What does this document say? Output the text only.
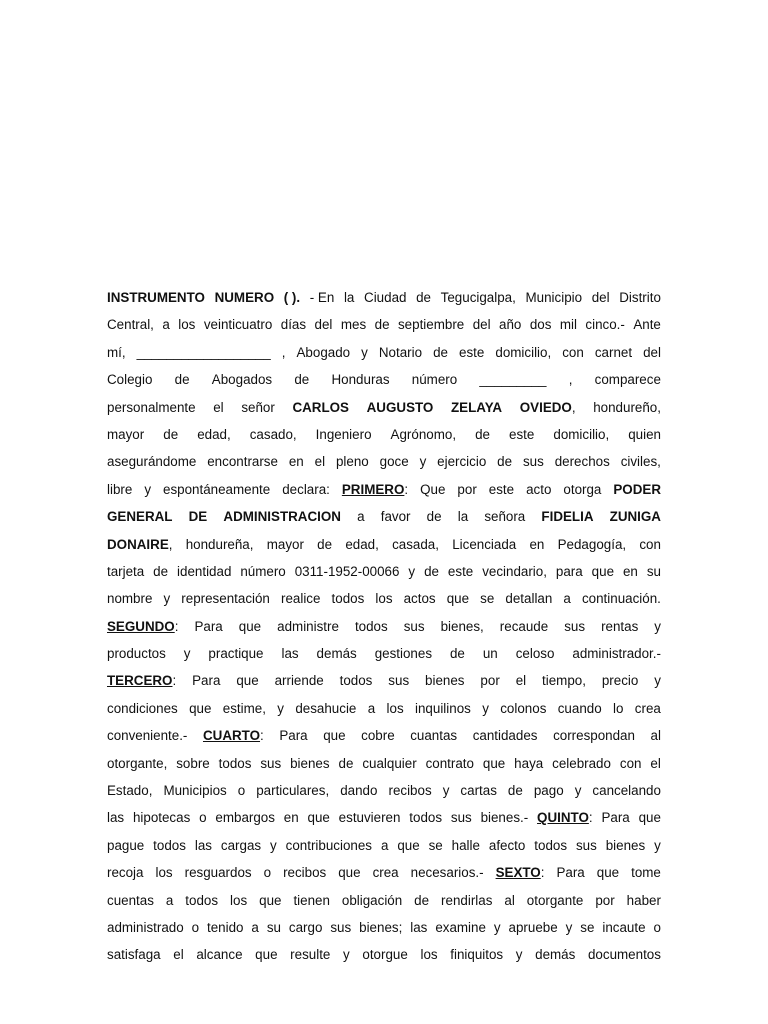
INSTRUMENTO NUMERO ( ). - En la Ciudad de Tegucigalpa, Municipio del Distrito
Central, a los veinticuatro días del mes de septiembre del año dos mil cinco.- Ante
mí, __________________ , Abogado y Notario de este domicilio, con carnet del
Colegio de Abogados de Honduras número _________ , comparece
personalmente el señor CARLOS AUGUSTO ZELAYA OVIEDO, hondureño,
mayor de edad, casado, Ingeniero Agrónomo, de este domicilio, quien
asegurándome encontrarse en el pleno goce y ejercicio de sus derechos civiles,
libre y espontáneamente declara: PRIMERO: Que por este acto otorga PODER
GENERAL DE ADMINISTRACION a favor de la señora FIDELIA ZUNIGA
DONAIRE, hondureña, mayor de edad, casada, Licenciada en Pedagogía, con
tarjeta de identidad número 0311-1952-00066 y de este vecindario, para que en su
nombre y representación realice todos los actos que se detallan a continuación.
SEGUNDO: Para que administre todos sus bienes, recaude sus rentas y
productos y practique las demás gestiones de un celoso administrador.-
TERCERO: Para que arriende todos sus bienes por el tiempo, precio y
condiciones que estime, y desahucie a los inquilinos y colonos cuando lo crea
conveniente.- CUARTO: Para que cobre cuantas cantidades correspondan al
otorgante, sobre todos sus bienes de cualquier contrato que haya celebrado con el
Estado, Municipios o particulares, dando recibos y cartas de pago y cancelando
las hipotecas o embargos en que estuvieren todos sus bienes.- QUINTO: Para que
pague todos las cargas y contribuciones a que se halle afecto todos sus bienes y
recoja los resguardos o recibos que crea necesarios.- SEXTO: Para que tome
cuentas a todos los que tienen obligación de rendirlas al otorgante por haber
administrado o tenido a su cargo sus bienes; las examine y apruebe y se incaute o
satisfaga el alcance que resulte y otorgue los finiquitos y demás documentos
